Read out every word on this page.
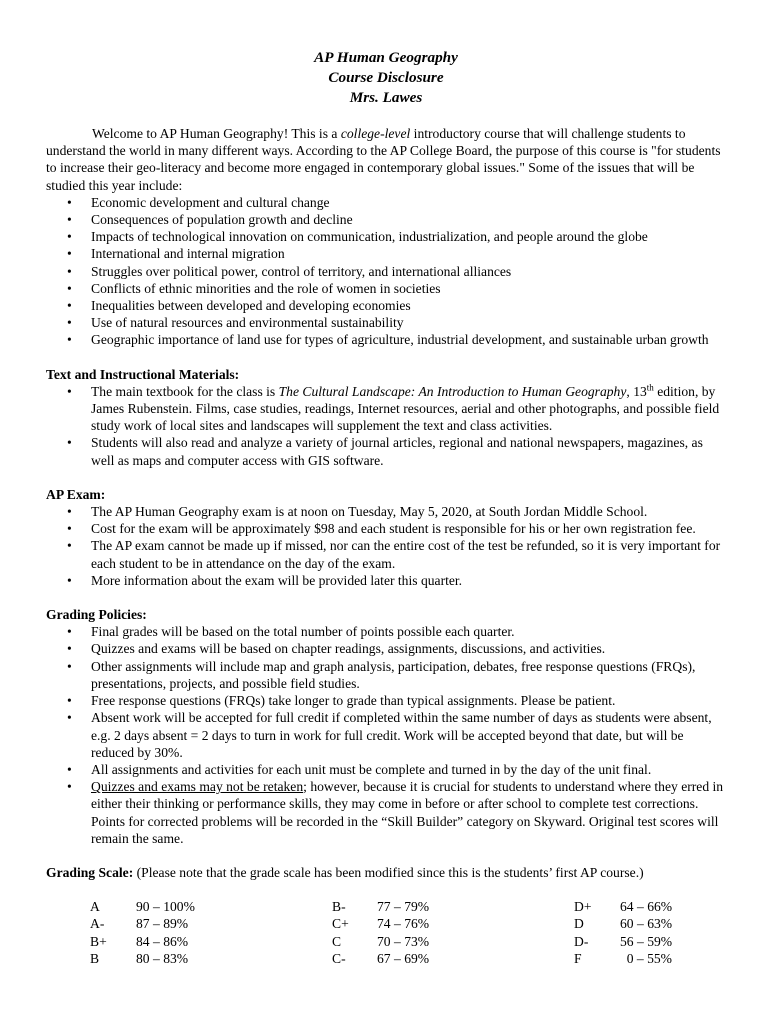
AP Human Geography
Course Disclosure
Mrs. Lawes
Welcome to AP Human Geography! This is a college-level introductory course that will challenge students to understand the world in many different ways. According to the AP College Board, the purpose of this course is "for students to increase their geo-literacy and become more engaged in contemporary global issues." Some of the issues that will be studied this year include:
• Economic development and cultural change
• Consequences of population growth and decline
• Impacts of technological innovation on communication, industrialization, and people around the globe
• International and internal migration
• Struggles over political power, control of territory, and international alliances
• Conflicts of ethnic minorities and the role of women in societies
• Inequalities between developed and developing economies
• Use of natural resources and environmental sustainability
• Geographic importance of land use for types of agriculture, industrial development, and sustainable urban growth
Text and Instructional Materials:
• The main textbook for the class is The Cultural Landscape: An Introduction to Human Geography, 13th edition, by James Rubenstein. Films, case studies, readings, Internet resources, aerial and other photographs, and possible field study work of local sites and landscapes will supplement the text and class activities.
• Students will also read and analyze a variety of journal articles, regional and national newspapers, magazines, as well as maps and computer access with GIS software.
AP Exam:
• The AP Human Geography exam is at noon on Tuesday, May 5, 2020, at South Jordan Middle School.
• Cost for the exam will be approximately $98 and each student is responsible for his or her own registration fee.
• The AP exam cannot be made up if missed, nor can the entire cost of the test be refunded, so it is very important for each student to be in attendance on the day of the exam.
• More information about the exam will be provided later this quarter.
Grading Policies:
• Final grades will be based on the total number of points possible each quarter.
• Quizzes and exams will be based on chapter readings, assignments, discussions, and activities.
• Other assignments will include map and graph analysis, participation, debates, free response questions (FRQs), presentations, projects, and possible field studies.
• Free response questions (FRQs) take longer to grade than typical assignments. Please be patient.
• Absent work will be accepted for full credit if completed within the same number of days as students were absent, e.g. 2 days absent = 2 days to turn in work for full credit. Work will be accepted beyond that date, but will be reduced by 30%.
• All assignments and activities for each unit must be complete and turned in by the day of the unit final.
• Quizzes and exams may not be retaken; however, because it is crucial for students to understand where they erred in either their thinking or performance skills, they may come in before or after school to complete test corrections. Points for corrected problems will be recorded in the “Skill Builder” category on Skyward. Original test scores will remain the same.
Grading Scale: (Please note that the grade scale has been modified since this is the students’ first AP course.)
A	90 – 100%	B- 77 – 79%	D+ 64 – 66%
A- 87 – 89%	C+ 74 – 76%	D	60 – 63%
B+ 84 – 86%	C	70 – 73%	D- 56 – 59%
B	80 – 83%	C- 67 – 69%	F	0 – 55%
